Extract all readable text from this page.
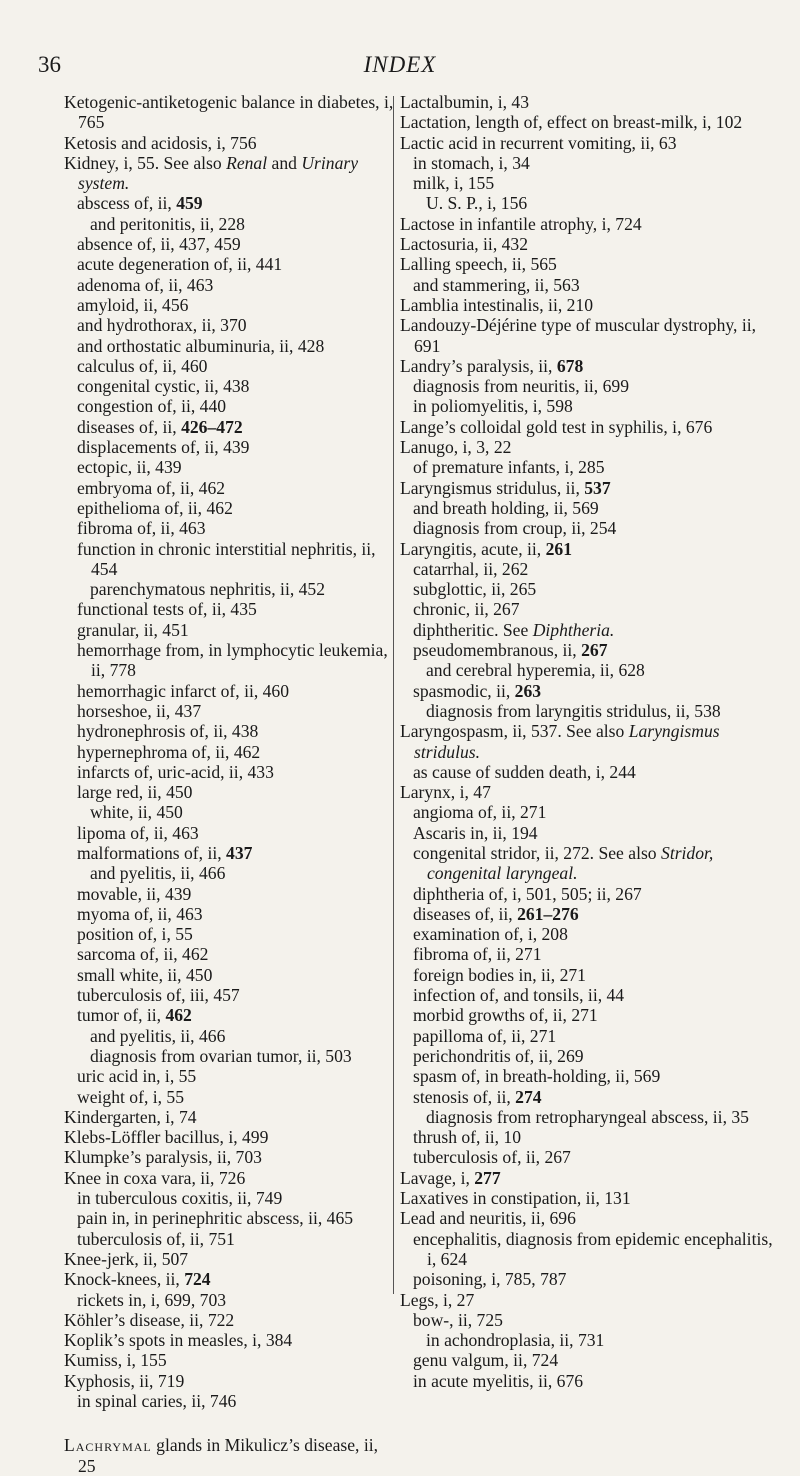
36	INDEX
Ketogenic-antiketogenic balance in diabetes, i, 765
Ketosis and acidosis, i, 756
Kidney, i, 55. See also Renal and Urinary system.
abscess of, ii, 459
and peritonitis, ii, 228
absence of, ii, 437, 459
acute degeneration of, ii, 441
adenoma of, ii, 463
amyloid, ii, 456
and hydrothorax, ii, 370
and orthostatic albuminuria, ii, 428
calculus of, ii, 460
congenital cystic, ii, 438
congestion of, ii, 440
diseases of, ii, 426–472
displacements of, ii, 439
ectopic, ii, 439
embryoma of, ii, 462
epithelioma of, ii, 462
fibroma of, ii, 463
function in chronic interstitial nephritis, ii, 454
parenchymatous nephritis, ii, 452
functional tests of, ii, 435
granular, ii, 451
hemorrhage from, in lymphocytic leukemia, ii, 778
hemorrhagic infarct of, ii, 460
horseshoe, ii, 437
hydronephrosis of, ii, 438
hypernephroma of, ii, 462
infarcts of, uric-acid, ii, 433
large red, ii, 450
white, ii, 450
lipoma of, ii, 463
malformations of, ii, 437
and pyelitis, ii, 466
movable, ii, 439
myoma of, ii, 463
position of, i, 55
sarcoma of, ii, 462
small white, ii, 450
tuberculosis of, iii, 457
tumor of, ii, 462
and pyelitis, ii, 466
diagnosis from ovarian tumor, ii, 503
uric acid in, i, 55
weight of, i, 55
Kindergarten, i, 74
Klebs-Löffler bacillus, i, 499
Klumpke’s paralysis, ii, 703
Knee in coxa vara, ii, 726
in tuberculous coxitis, ii, 749
pain in, in perinephritic abscess, ii, 465
tuberculosis of, ii, 751
Knee-jerk, ii, 507
Knock-knees, ii, 724
rickets in, i, 699, 703
Köhler’s disease, ii, 722
Koplik’s spots in measles, i, 384
Kumiss, i, 155
Kyphosis, ii, 719
in spinal caries, ii, 746
Lachrymal glands in Mikulicz’s disease, ii, 25
Lactalbumin, i, 43
Lactation, length of, effect on breast-milk, i, 102
Lactic acid in recurrent vomiting, ii, 63
in stomach, i, 34
milk, i, 155
U. S. P., i, 156
Lactose in infantile atrophy, i, 724
Lactosuria, ii, 432
Lalling speech, ii, 565
and stammering, ii, 563
Lamblia intestinalis, ii, 210
Landouzy-Déjérine type of muscular dystrophy, ii, 691
Landry’s paralysis, ii, 678
diagnosis from neuritis, ii, 699
in poliomyelitis, i, 598
Lange’s colloidal gold test in syphilis, i, 676
Lanugo, i, 3, 22
of premature infants, i, 285
Laryngismus stridulus, ii, 537
and breath holding, ii, 569
diagnosis from croup, ii, 254
Laryngitis, acute, ii, 261
catarrhal, ii, 262
subglottic, ii, 265
chronic, ii, 267
diphtheritic. See Diphtheria.
pseudomembranous, ii, 267
and cerebral hyperemia, ii, 628
spasmodic, ii, 263
diagnosis from laryngitis stridulus, ii, 538
Laryngospasm, ii, 537. See also Laryngismus stridulus.
as cause of sudden death, i, 244
Larynx, i, 47
angioma of, ii, 271
Ascaris in, ii, 194
congenital stridor, ii, 272. See also Stridor, congenital laryngeal.
diphtheria of, i, 501, 505; ii, 267
diseases of, ii, 261–276
examination of, i, 208
fibroma of, ii, 271
foreign bodies in, ii, 271
infection of, and tonsils, ii, 44
morbid growths of, ii, 271
papilloma of, ii, 271
perichondritis of, ii, 269
spasm of, in breath-holding, ii, 569
stenosis of, ii, 274
diagnosis from retropharyngeal abscess, ii, 35
thrush of, ii, 10
tuberculosis of, ii, 267
Lavage, i, 277
Laxatives in constipation, ii, 131
Lead and neuritis, ii, 696
encephalitis, diagnosis from epidemic encephalitis, i, 624
poisoning, i, 785, 787
Legs, i, 27
bow-, ii, 725
in achondroplasia, ii, 731
genu valgum, ii, 724
in acute myelitis, ii, 676
